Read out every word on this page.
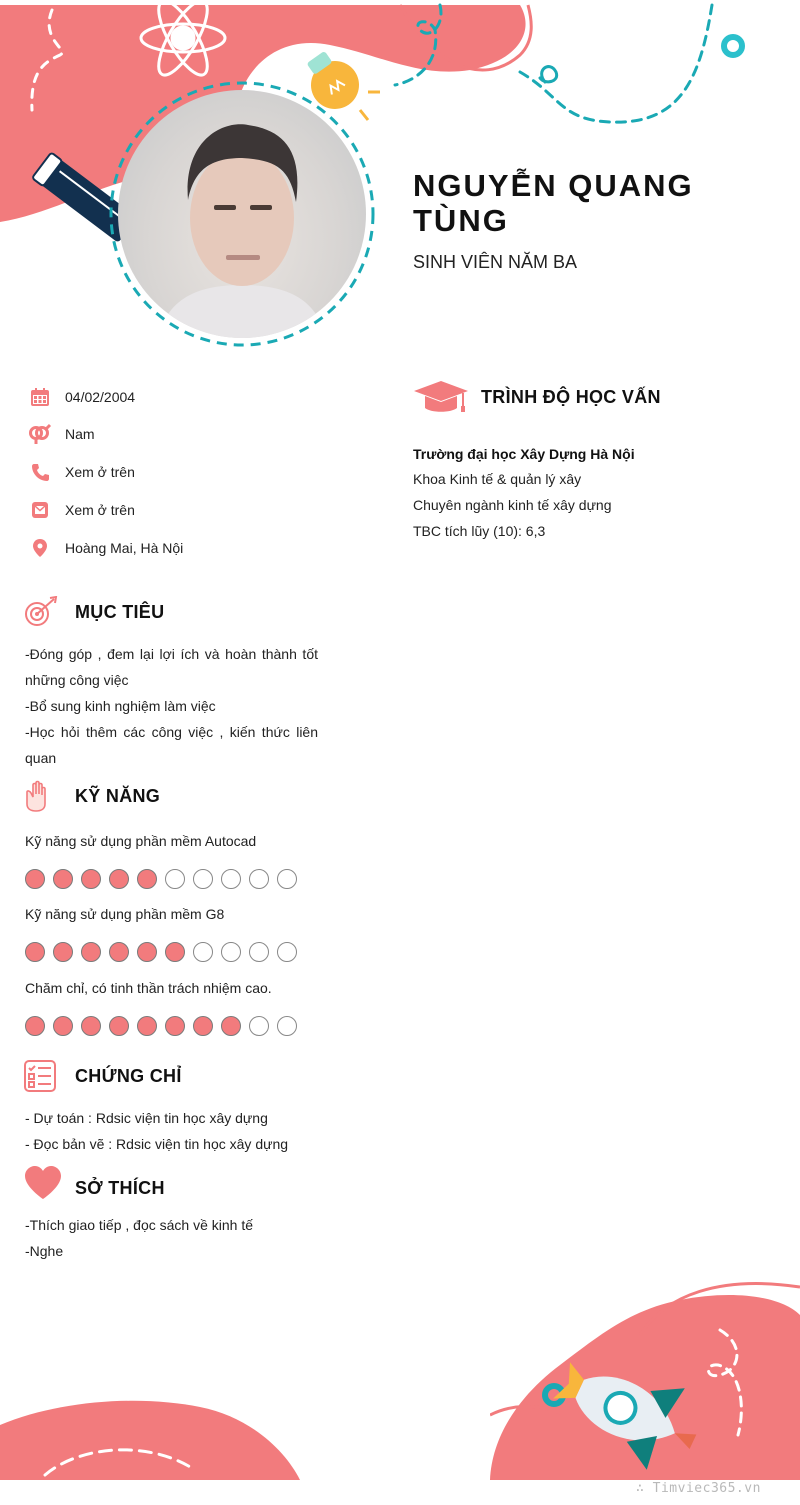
NGUYỄN QUANG TÙNG
SINH VIÊN NĂM BA
04/02/2004
Nam
Xem ở trên
Xem ở trên
Hoàng Mai, Hà Nội
MỤC TIÊU
-Đóng góp , đem lại lợi ích và hoàn thành tốt những công việc
-Bổ sung kinh nghiệm làm việc
-Học hỏi thêm các công việc , kiến thức liên quan
KỸ NĂNG
Kỹ năng sử dụng phần mềm Autocad
Kỹ năng sử dụng phần mềm G8
Chăm chỉ, có tinh thần trách nhiệm cao.
CHỨNG CHỈ
- Dự toán : Rdsic viện tin học xây dựng
- Đọc bản vẽ : Rdsic viện tin học xây dựng
SỞ THÍCH
-Thích giao tiếp , đọc sách về kinh tế
-Nghe
TRÌNH ĐỘ HỌC VẤN
Trường đại học Xây Dựng Hà Nội
Khoa Kinh tế & quản lý xây
Chuyên ngành kinh tế xây dựng
TBC tích lũy (10): 6,3
∴ Timviec365.vn
